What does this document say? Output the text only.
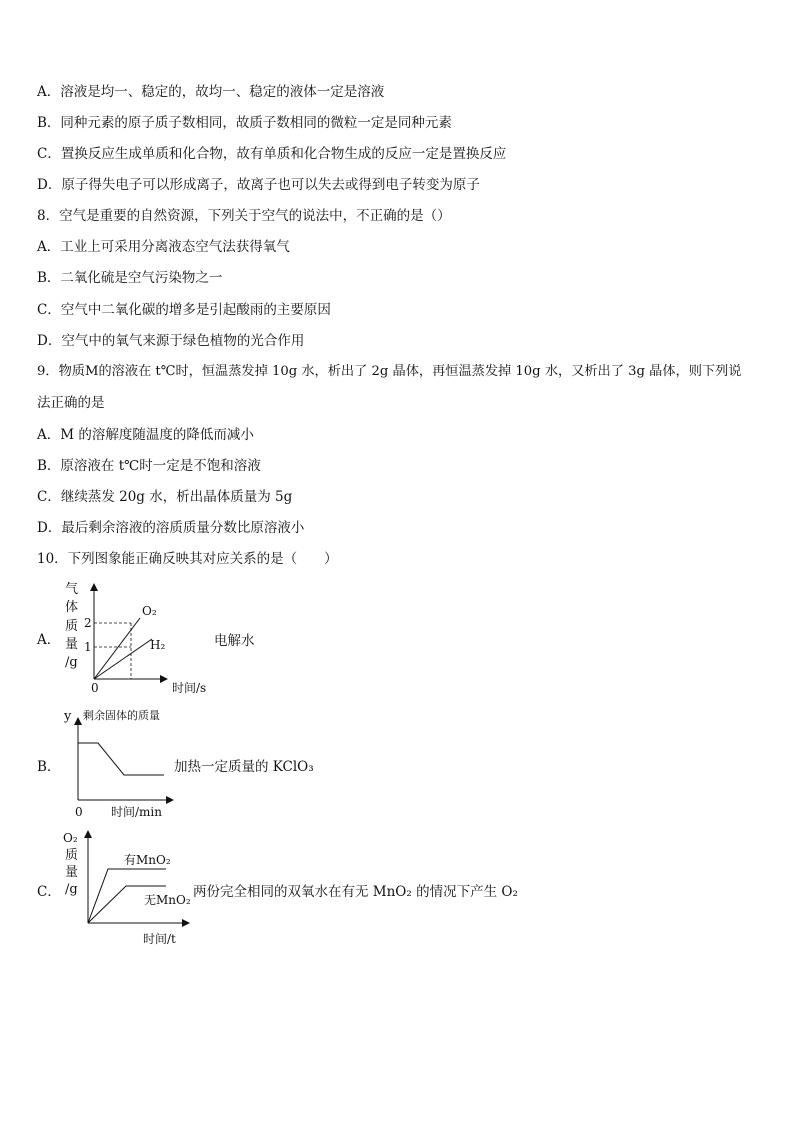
A．溶液是均一、稳定的，故均一、稳定的液体一定是溶液
B．同种元素的原子质子数相同，故质子数相同的微粒一定是同种元素
C．置换反应生成单质和化合物，故有单质和化合物生成的反应一定是置换反应
D．原子得失电子可以形成离子，故离子也可以失去或得到电子转变为原子
8．空气是重要的自然资源，下列关于空气的说法中，不正确的是（）
A．工业上可采用分离液态空气法获得氧气
B．二氧化硫是空气污染物之一
C．空气中二氧化碳的增多是引起酸雨的主要原因
D．空气中的氧气来源于绿色植物的光合作用
9．物质M的溶液在 t℃时，恒温蒸发掉 10g 水，析出了 2g 晶体，再恒温蒸发掉 10g 水，又析出了 3g 晶体，则下列说
法正确的是
A．M 的溶解度随温度的降低而减小
B．原溶液在 t℃时一定是不饱和溶液
C．继续蒸发 20g 水，析出晶体质量为 5g
D．最后剩余溶液的溶质质量分数比原溶液小
10．下列图象能正确反映其对应关系的是（　　）
A．
气
体
质
量
/g
2
1
O₂
H₂
0	时间/s
电解水
B．
y 剩余固体的质量
0 时间/min
加热一定质量的 KClO₃
C．
O₂
质
量
/g
有MnO₂
无MnO₂
时间/t
两份完全相同的双氧水在有无 MnO₂ 的情况下产生 O₂
